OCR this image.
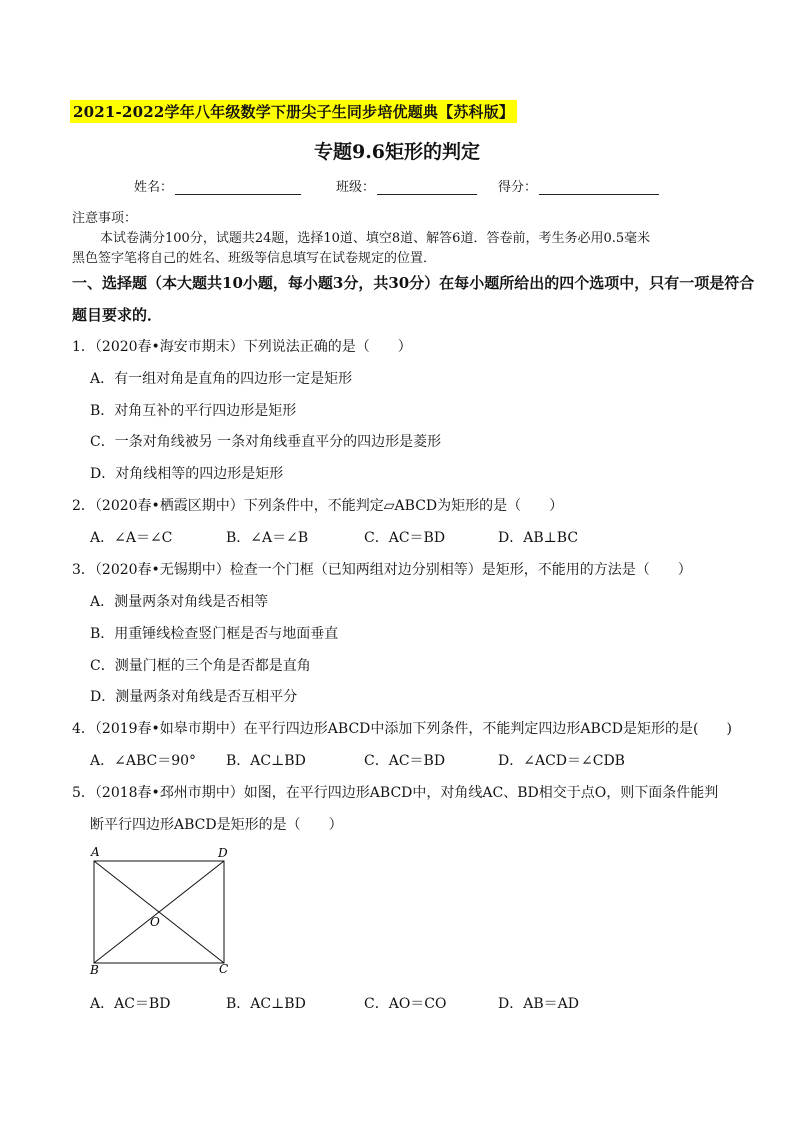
2021-2022学年八年级数学下册尖子生同步培优题典【苏科版】
专题9.6矩形的判定
姓名：	班级：	得分：
注意事项：
本试卷满分100分，试题共24题，选择10道、填空8道、解答6道．答卷前，考生务必用0.5毫米
黑色签字笔将自己的姓名、班级等信息填写在试卷规定的位置．
一、选择题（本大题共10小题，每小题3分，共30分）在每小题所给出的四个选项中，只有一项是符合
题目要求的．
1．（2020春•海安市期末）下列说法正确的是（　　）
A．有一组对角是直角的四边形一定是矩形
B．对角互补的平行四边形是矩形
C．一条对角线被另 一条对角线垂直平分的四边形是菱形
D．对角线相等的四边形是矩形
2．（2020春•栖霞区期中）下列条件中，不能判定▱ABCD为矩形的是（　　）
A．∠A＝∠C	B．∠A＝∠B	C．AC＝BD	D．AB⊥BC
3．（2020春•无锡期中）检查一个门框（已知两组对边分别相等）是矩形，不能用的方法是（　　）
A．测量两条对角线是否相等
B．用重锤线检查竖门框是否与地面垂直
C．测量门框的三个角是否都是直角
D．测量两条对角线是否互相平分
4．（2019春•如皋市期中）在平行四边形ABCD中添加下列条件，不能判定四边形ABCD是矩形的是(　　)
A．∠ABC＝90° B．AC⊥BD	C．AC＝BD	D．∠ACD＝∠CDB
5．（2018春•邳州市期中）如图，在平行四边形ABCD中，对角线AC、BD相交于点O，则下面条件能判
断平行四边形ABCD是矩形的是（　　）
A	D
B	C
O
A．AC＝BD	B．AC⊥BD	C．AO＝CO	D．AB＝AD
